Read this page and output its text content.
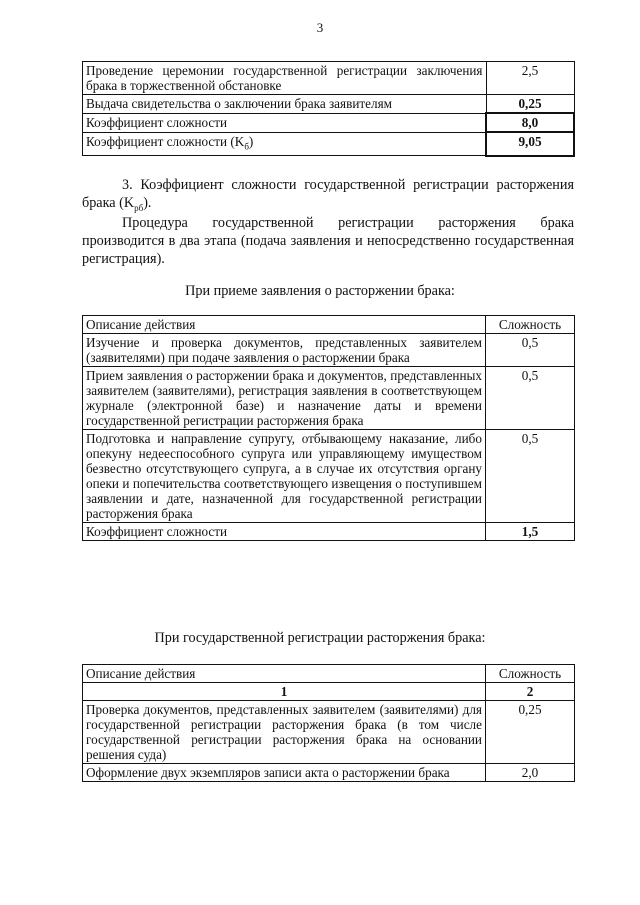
3
Проведение церемонии государственной регистрации заключения брака в торжественной обстановке	2,5
Выдача свидетельства о заключении брака заявителям	0,25
Коэффициент сложности	8,0
Коэффициент сложности $(K_б)$	9,05

3. Коэффициент сложности государственной регистрации расторжения брака $(K_{рб})$.

Процедура государственной регистрации расторжения брака производится в два этапа (подача заявления и непосредственно государственная регистрация).

При приеме заявления о расторжении брака:

Описание действия	Сложность
Изучение и проверка документов, представленных заявителем (заявителями) при подаче заявления о расторжении брака	0,5
Прием заявления о расторжении брака и документов, представленных заявителем (заявителями), регистрация заявления в соответствующем журнале (электронной базе) и назначение даты и времени государственной регистрации расторжения брака	0,5
Подготовка и направление супругу, отбывающему наказание, либо опекуну недееспособного супруга или управляющему имуществом безвестно отсутствующего супруга, а в случае их отсутствия органу опеки и попечительства соответствующего извещения о поступившем заявлении и дате, назначенной для государственной регистрации расторжения брака	0,5
Коэффициент сложности	1,5

При государственной регистрации расторжения брака:

Описание действия	Сложность
1	2
Проверка документов, представленных заявителем (заявителями) для государственной регистрации расторжения брака (в том числе государственной регистрации расторжения брака на основании решения суда)	0,25
Оформление двух экземпляров записи акта о расторжении брака	2,0
